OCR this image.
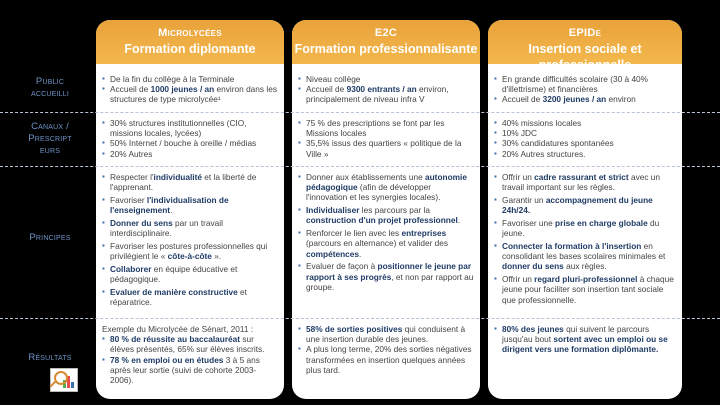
Public
accueilli
Canaux /
Prescript
eurs
Principes
Résultats
Microlycées
Formation diplomante
▪ De la fin du collège à la Terminale
▪ Accueil de 1000 jeunes / an environ dans les structures de type microlycée¹
▪ 30% structures institutionnelles (CIO, missions locales, lycées)
▪ 50% Internet / bouche à oreille / médias
▪ 20% Autres
▪ Respecter l'individualité et la liberté de l'apprenant.
▪ Favoriser l'individualisation de l'enseignement.
▪ Donner du sens par un travail interdisciplinaire.
▪ Favoriser les postures professionnelles qui privilégient le « côte-à-côte ».
▪ Collaborer en équipe éducative et pédagogique.
▪ Evaluer de manière constructive et réparatrice.

Exemple du Microlycée de Sénart, 2011 :

▪ 80 % de réussite au baccalauréat sur élèves présentés, 65% sur élèves inscrits.
▪ 78 % en emploi ou en études 3 à 5 ans après leur sortie (suivi de cohorte 2003-2006).
E2C
Formation professionnalisante
▪ Niveau collège
▪ Accueil de 9300 entrants / an environ, principalement de niveau infra V
▪ 75 % des prescriptions se font par les Missions locales
▪ 35,5% issus des quartiers « politique de la Ville »
▪ Donner aux établissements une autonomie pédagogique (afin de développer l'innovation et les synergies locales).
▪ Individualiser les parcours par la construction d'un projet professionnel.
▪ Renforcer le lien avec les entreprises (parcours en alternance) et valider des compétences.
▪ Evaluer de façon à positionner le jeune par rapport à ses progrès, et non par rapport au groupe.
▪ 58% de sorties positives qui conduisent à une insertion durable des jeunes.
▪ A plus long terme, 20% des sorties négatives transformées en insertion quelques années plus tard.
EPIDe
Insertion sociale et professionnelle
▪ En grande difficultés scolaire (30 à 40% d'illettrisme) et financières
▪ Accueil de 3200 jeunes / an environ
▪ 40% missions locales
▪ 10% JDC
▪ 30% candidatures spontanées
▪ 20% Autres structures.
▪ Offrir un cadre rassurant et strict avec un travail important sur les règles.
▪ Garantir un accompagnement du jeune 24h/24.
▪ Favoriser une prise en charge globale du jeune.
▪ Connecter la formation à l'insertion en consolidant les bases scolaires minimales et donner du sens aux règles.
▪ Offrir un regard pluri-professionnel à chaque jeune pour faciliter son insertion tant sociale que professionnelle.
▪ 80% des jeunes qui suivent le parcours jusqu'au bout sortent avec un emploi ou se dirigent vers une formation diplômante.
